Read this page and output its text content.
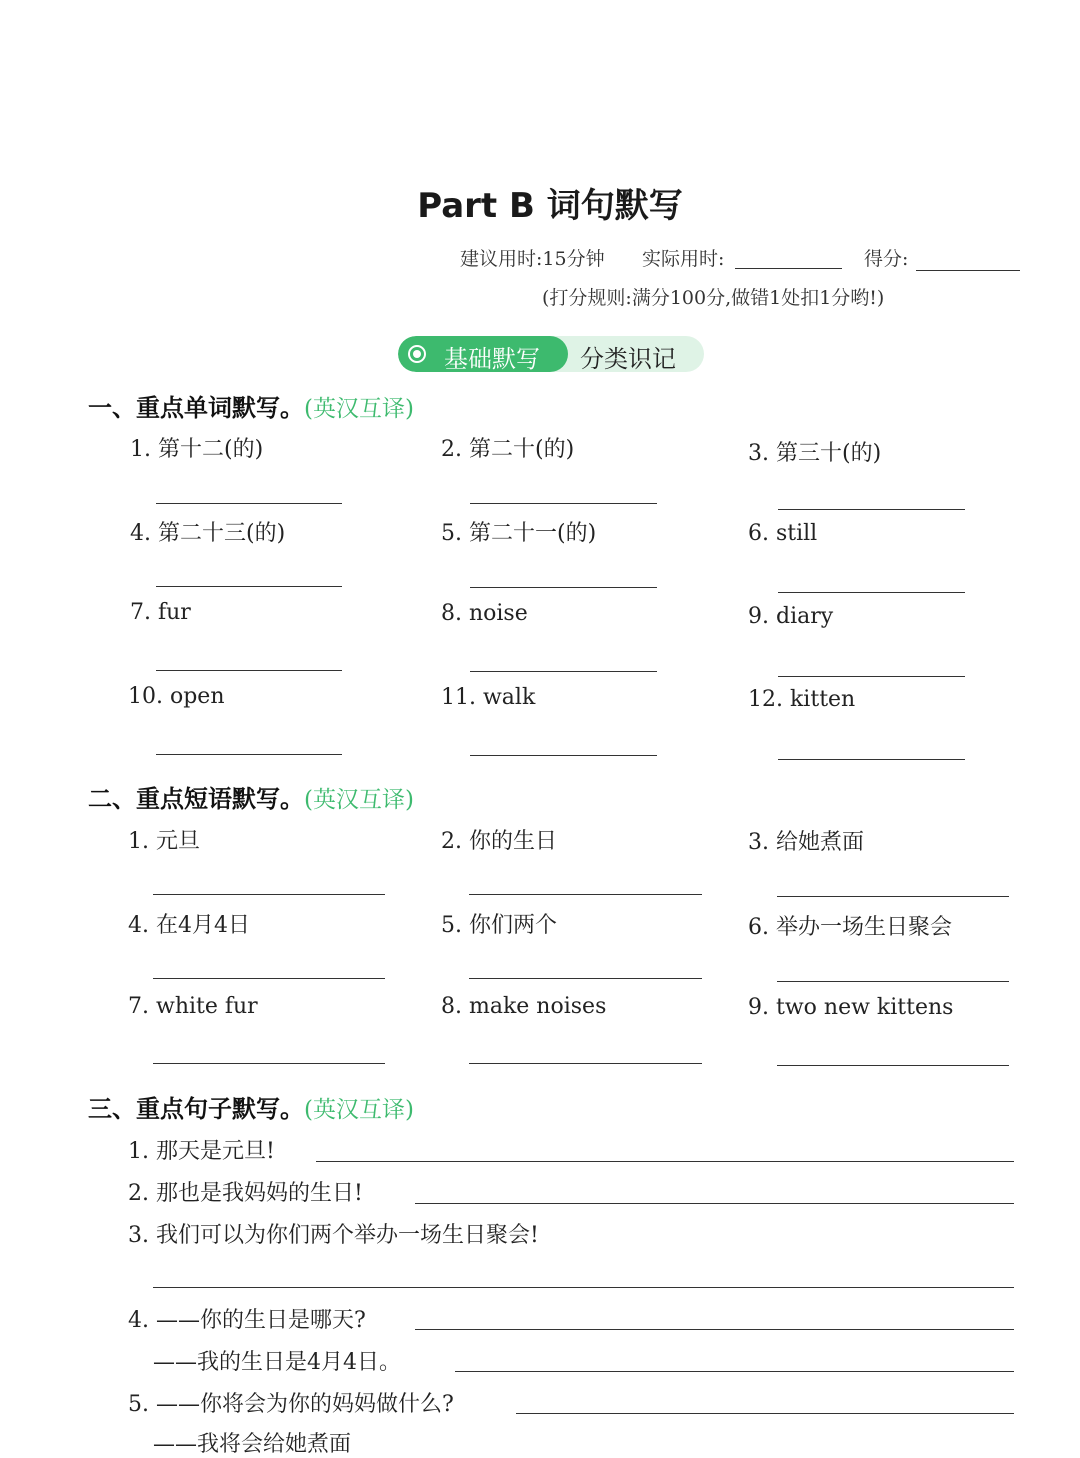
Part B 词句默写
建议用时:15分钟 实际用时:	得分:
(打分规则:满分100分,做错1处扣1分哟!)
基础默写 分类识记
一、重点单词默写。(英汉互译)
1. 第十二(的)	2. 第二十(的)	3. 第三十(的)
4. 第二十三(的)	5. 第二十一(的)	6. still
7. fur	8. noise	9. diary
10. open	11. walk	12. kitten
二、重点短语默写。(英汉互译)
1. 元旦	2. 你的生日	3. 给她煮面
4. 在4月4日	5. 你们两个	6. 举办一场生日聚会
7. white fur	8. make noises	9. two new kittens
三、重点句子默写。(英汉互译)
1. 那天是元旦!
2. 那也是我妈妈的生日!
3. 我们可以为你们两个举办一场生日聚会!
4. ——你的生日是哪天?
——我的生日是4月4日。
5. ——你将会为你的妈妈做什么?
——我将会给她煮面
